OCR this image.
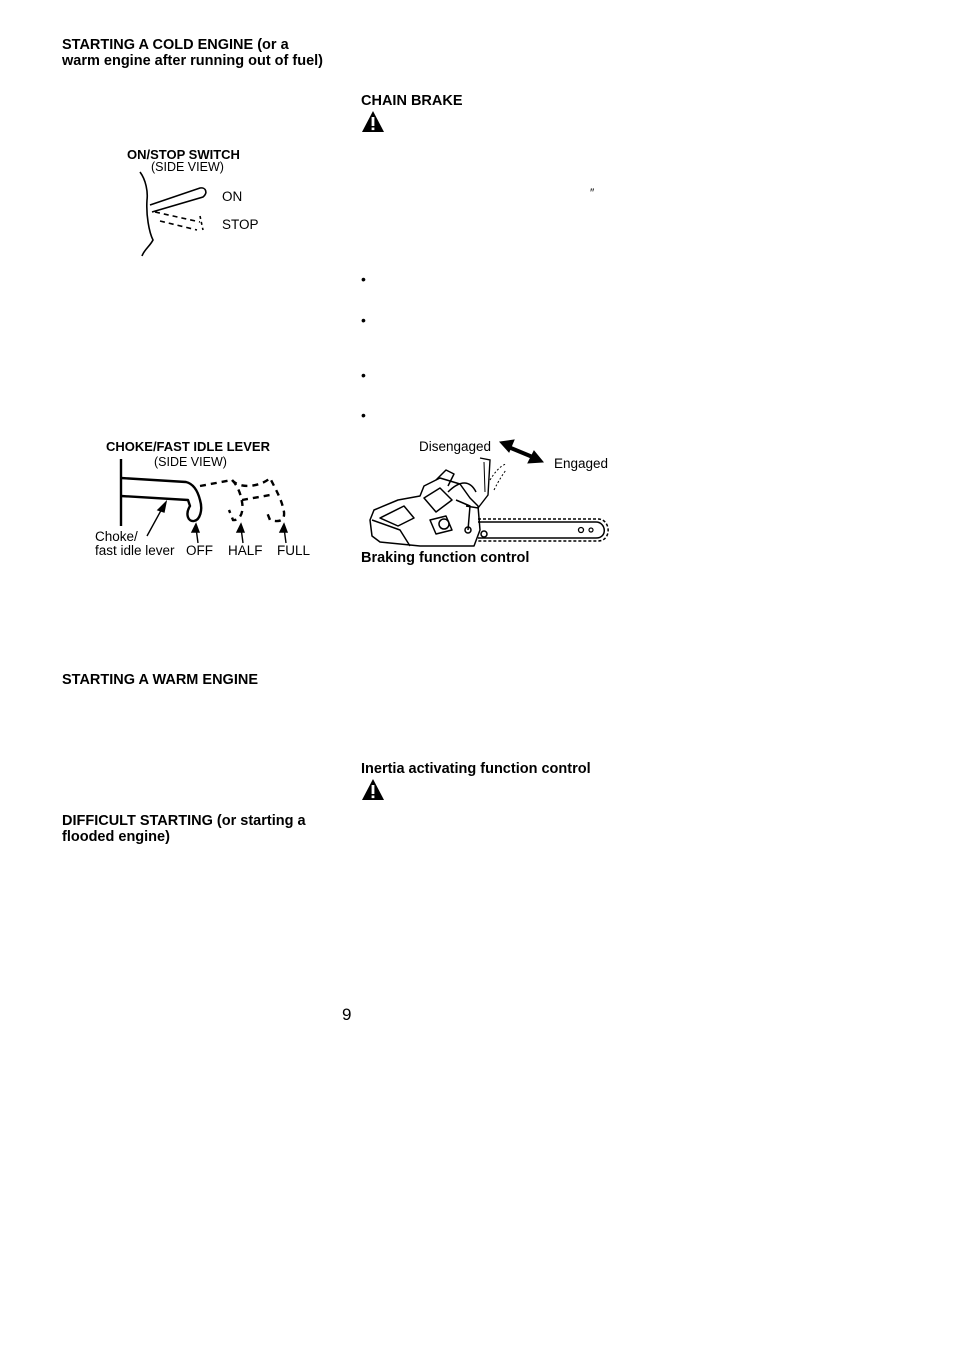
STARTING A COLD ENGINE (or a warm engine after running out of fuel)
ON/STOP SWITCH
(SIDE VIEW)
ON
STOP
CHOKE/FAST IDLE LEVER
(SIDE VIEW)
Choke/
fast idle lever OFF HALF FULL
STARTING A WARM ENGINE
DIFFICULT STARTING (or starting a flooded engine)
CHAIN BRAKE
″
•
•
•
•
Disengaged
Engaged
Braking function control
Inertia activating function control
9
